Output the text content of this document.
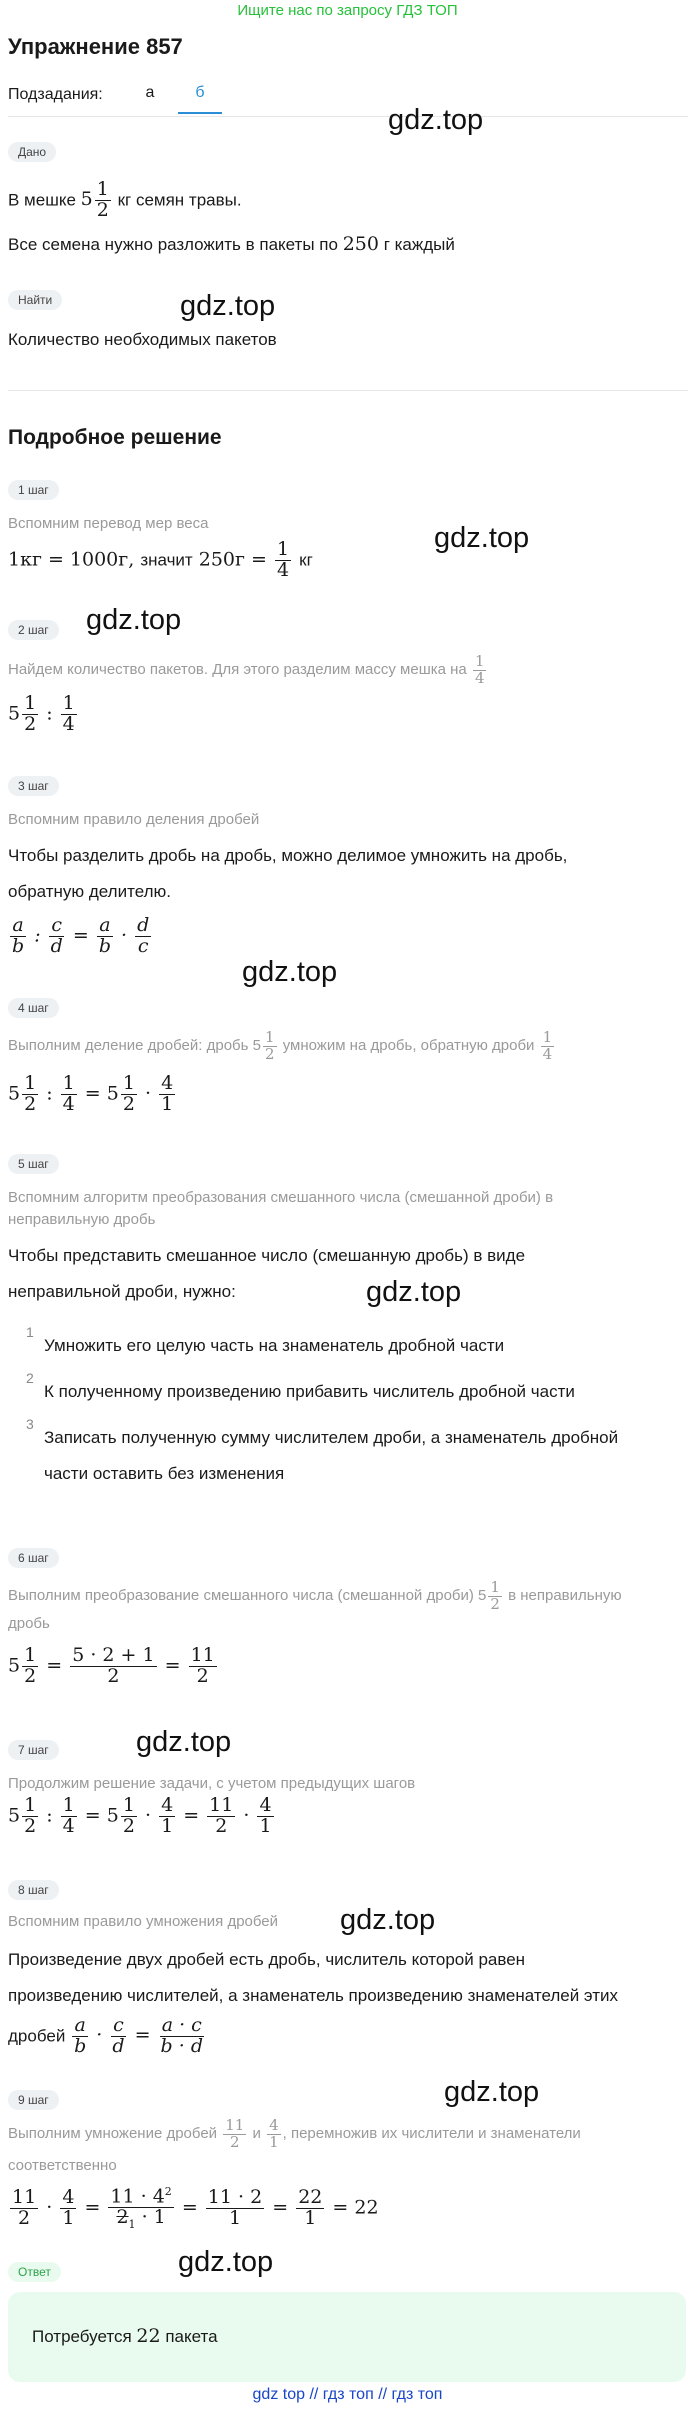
Ищите нас по запросу ГДЗ ТОП
Упражнение 857
Подзадания:	а	б
gdz.top
Дано
В мешке $5 \frac{1}{2}$ кг семян травы.
Все семена нужно разложить в пакеты по 250 г каждый
Найти	gdz.top
Количество необходимых пакетов
Подробное решение
1 шаг
Вспомним перевод мер веса	gdz.top
1кг = 1000г, значит $250г = \frac{1}{4}$ кг
2 шаг	gdz.top
Найдем количество пакетов. Для этого разделим массу мешка на $\frac{1}{4}$
$5 \frac{1}{2}$ : $\frac{1}{4}$
3 шаг
Вспомним правило деления дробей
Чтобы разделить дробь на дробь, можно делимое умножить на дробь,
обратную делителю.
$\frac{a}{b}$ : $\frac{c}{d} = \frac{a}{b} \cdot \frac{d}{c}$
gdz.top
4 шаг
Выполним деление дробей: дробь $5 \frac{1}{2}$ умножим на дробь, обратную дроби $\frac{1}{4}$
$5 \frac{1}{2}$ : $\frac{1}{4} = 5 \frac{1}{2} \cdot \frac{4}{1}$
5 шаг
Вспомним алгоритм преобразования смешанного числа (смешанной дроби) в
неправильную дробь
Чтобы представить смешанное число (смешанную дробь) в виде
неправильной дроби, нужно:	gdz.top
1
Умножить его целую часть на знаменатель дробной части
2
К полученному произведению прибавить числитель дробной части
3
Записать полученную сумму числителем дроби, а знаменатель дробной
части оставить без изменения
6 шаг
Выполним преобразование смешанного числа (смешанной дроби) $5 \frac{1}{2}$ в неправильную
дробь
$5 \frac{1}{2} = \frac{5 \cdot 2 + 1}{2} = \frac{11}{2}$
7 шаг	gdz.top
Продолжим решение задачи, с учетом предыдущих шагов
$5 \frac{1}{2}$ : $\frac{1}{4} = 5 \frac{1}{2} \cdot \frac{4}{1} = \frac{11}{2} \cdot \frac{4}{1}$
8 шаг
Вспомним правило умножения дробей gdz.top
Произведение двух дробей есть дробь, числитель которой равен
произведению числителей, а знаменатель произведению знаменателей этих
дробей $\frac{a}{b} \cdot \frac{c}{d} = \frac{a \cdot c}{b \cdot d}$
9 шаг	gdz.top
Выполним умножение дробей $\frac{11}{2}$ и $\frac{4}{1}$ , перемножив их числители и знаменатели
соответственно
$\frac{11}{2} \cdot \frac{4}{1} = \frac{11 \cdot 4^2}{2_1 \cdot 1} = \frac{11 \cdot 2}{1} = \frac{22}{1} = 22$
Ответ	gdz.top
Потребуется 22 пакета
gdz top // гдз топ // гдз топ
